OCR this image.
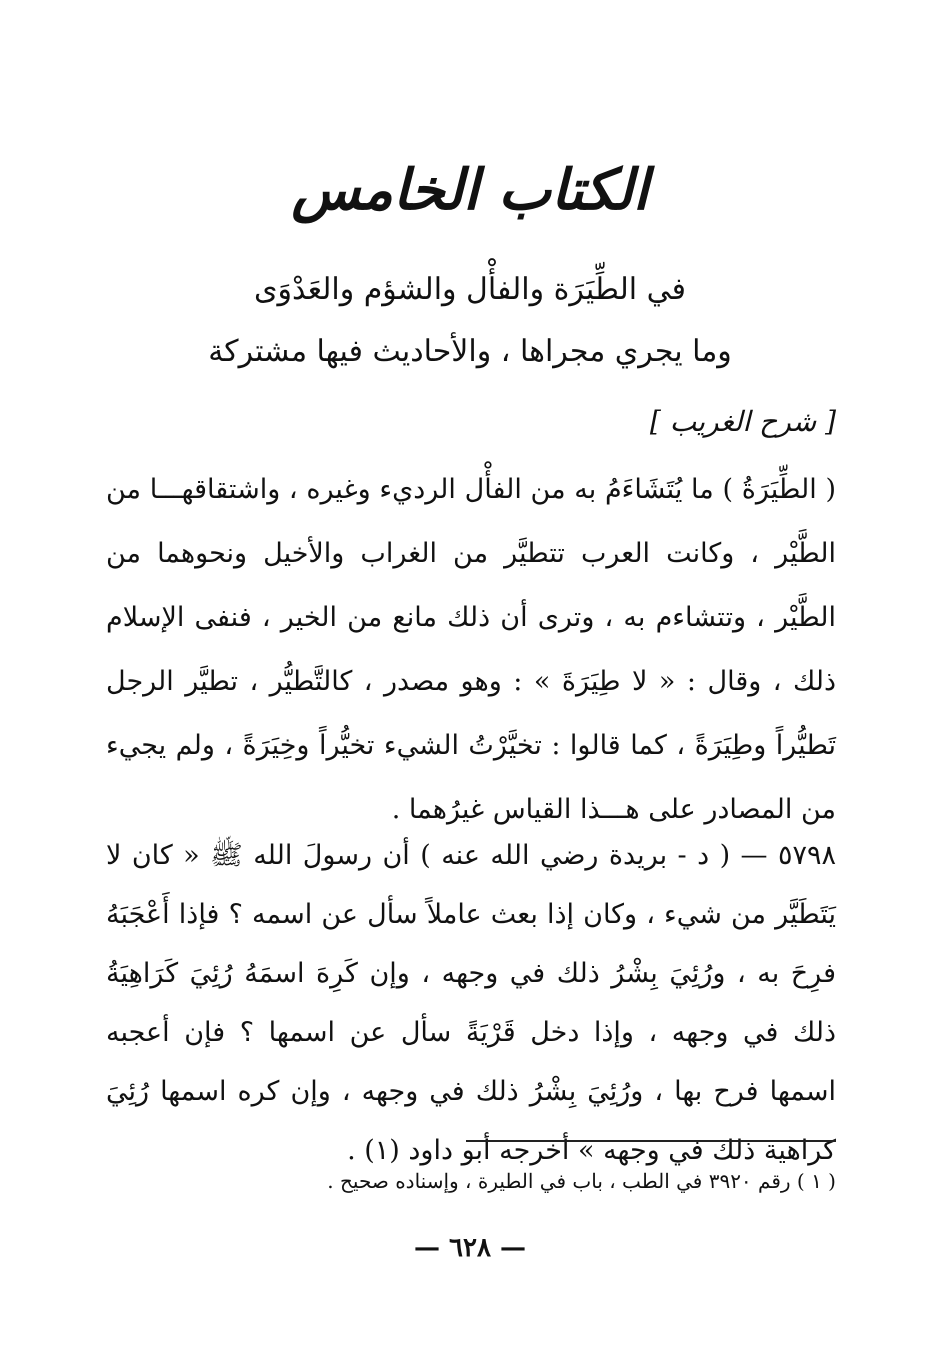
الكتاب الخامس
في الطِّيَرَة والفأْل والشؤم والعَدْوَى
وما يجري مجراها ، والأحاديث فيها مشتركة
[ شرح الغريب ]

( الطِّيَرَةُ ) ما يُتَشَاءَمُ به من الفأْل الرديء وغيره ، واشتقاقهـــا من الطَّيْر ، وكانت العرب تتطيَّر من الغراب والأخيل ونحوهما من الطَّيْر ، وتتشاءم به ، وترى أن ذلك مانع من الخير ، فنفى الإسلام ذلك ، وقال : « لا طِيَرَةَ » : وهو مصدر ، كالتَّطيُّر ، تطيَّر الرجل تَطيُّراً وطِيَرَةً ، كما قالوا : تخيَّرْتُ الشيء تخيُّراً وخِيَرَةً ، ولم يجيء من المصادر على هـــذا القياس غيرُهما .

٥٧٩٨ — ( د - بريدة رضي الله عنه ) أن رسولَ الله ﷺ « كان لا يَتَطَيَّر من شيء ، وكان إذا بعث عاملاً سأل عن اسمه ؟ فإذا أَعْجَبَهُ فرِحَ به ، ورُئِيَ بِشْرُ ذلك في وجهه ، وإن كَرِهَ اسمَهُ رُئِيَ كَرَاهِيَةُ ذلك في وجهه ، وإذا دخل قَرْيَةً سأل عن اسمها ؟ فإن أعجبه اسمها فرح بها ، ورُئِيَ بِشْرُ ذلك في وجهه ، وإن كره اسمها رُئِيَ كراهية ذلك في وجهه » أخرجه أبو داود (١) .

( ١ ) رقم ٣٩٢٠ في الطب ، باب في الطيرة ، وإسناده صحيح .
— ٦٢٨ —
